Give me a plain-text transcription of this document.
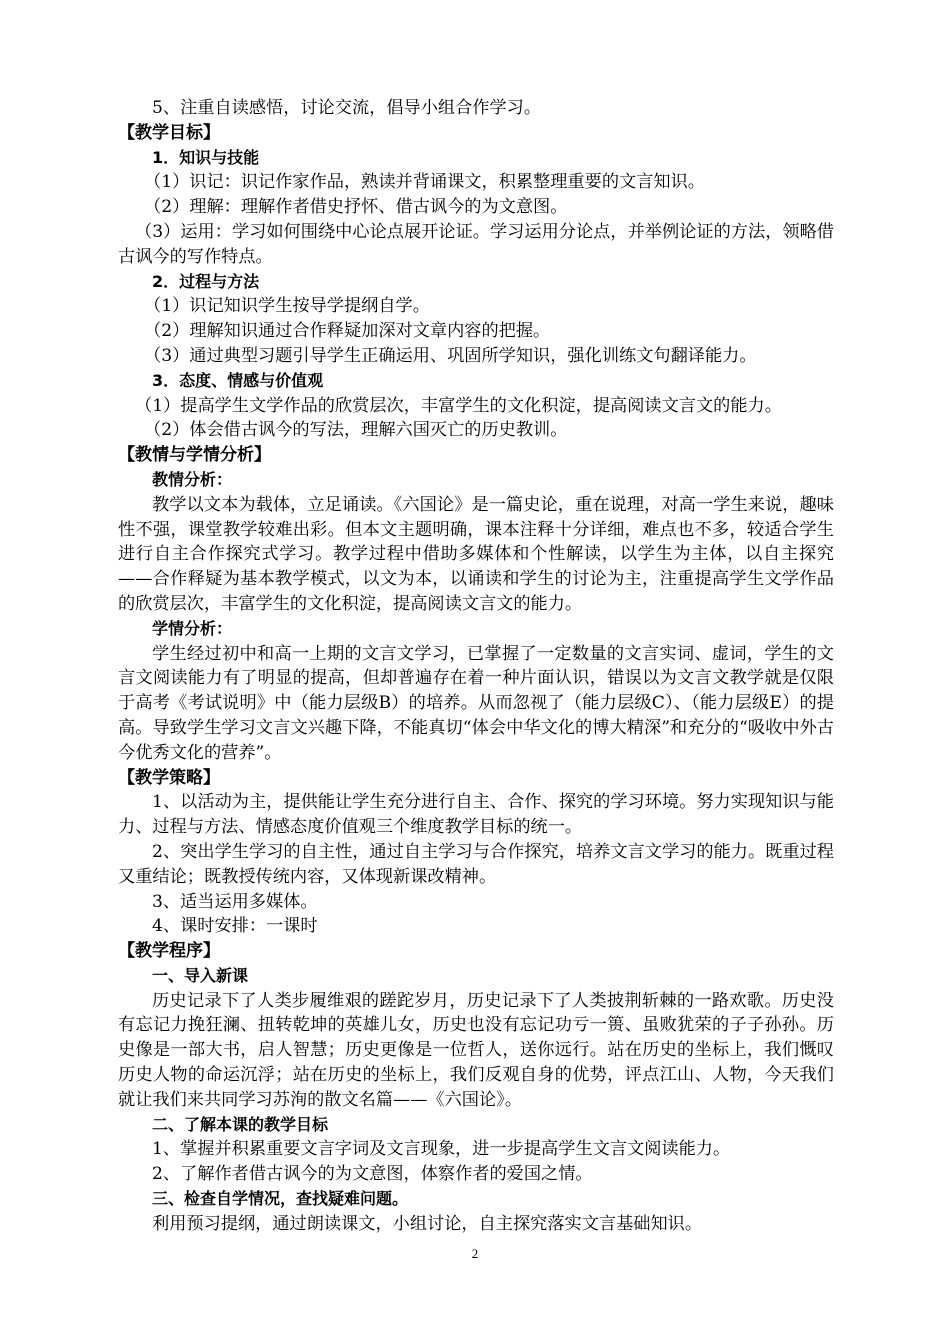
5、注重自读感悟，讨论交流，倡导小组合作学习。

【教学目标】

1．知识与技能

（1）识记：识记作家作品，熟读并背诵课文，积累整理重要的文言知识。

（2）理解：理解作者借史抒怀、借古讽今的为文意图。

（3）运用：学习如何围绕中心论点展开论证。学习运用分论点，并举例论证的方法，领略借古讽今的写作特点。

2．过程与方法

（1）识记知识学生按导学提纲自学。

（2）理解知识通过合作释疑加深对文章内容的把握。

（3）通过典型习题引导学生正确运用、巩固所学知识，强化训练文句翻译能力。

3．态度、情感与价值观

（1）提高学生文学作品的欣赏层次，丰富学生的文化积淀，提高阅读文言文的能力。

（2）体会借古讽今的写法，理解六国灭亡的历史教训。

【教情与学情分析】

教情分析：

教学以文本为载体，立足诵读。《六国论》是一篇史论，重在说理，对高一学生来说，趣味性不强，课堂教学较难出彩。但本文主题明确，课本注释十分详细，难点也不多，较适合学生进行自主合作探究式学习。教学过程中借助多媒体和个性解读，以学生为主体，以自主探究——合作释疑为基本教学模式，以文为本，以诵读和学生的讨论为主，注重提高学生文学作品的欣赏层次，丰富学生的文化积淀，提高阅读文言文的能力。

学情分析：

学生经过初中和高一上期的文言文学习，已掌握了一定数量的文言实词、虚词，学生的文言文阅读能力有了明显的提高，但却普遍存在着一种片面认识，错误以为文言文教学就是仅限于高考《考试说明》中（能力层级B）的培养。从而忽视了（能力层级C）、（能力层级E）的提高。导致学生学习文言文兴趣下降，不能真切“体会中华文化的博大精深”和充分的“吸收中外古今优秀文化的营养”。

【教学策略】

1、以活动为主，提供能让学生充分进行自主、合作、探究的学习环境。努力实现知识与能力、过程与方法、情感态度价值观三个维度教学目标的统一。

2、突出学生学习的自主性，通过自主学习与合作探究，培养文言文学习的能力。既重过程又重结论；既教授传统内容，又体现新课改精神。

3、适当运用多媒体。

4、课时安排：一课时

【教学程序】

一、导入新课

历史记录下了人类步履维艰的蹉跎岁月，历史记录下了人类披荆斩棘的一路欢歌。历史没有忘记力挽狂澜、扭转乾坤的英雄儿女，历史也没有忘记功亏一篑、虽败犹荣的子子孙孙。历史像是一部大书，启人智慧；历史更像是一位哲人，送你远行。站在历史的坐标上，我们慨叹历史人物的命运沉浮；站在历史的坐标上，我们反观自身的优势，评点江山、人物，今天我们就让我们来共同学习苏洵的散文名篇——《六国论》。

二、了解本课的教学目标

1、掌握并积累重要文言字词及文言现象，进一步提高学生文言文阅读能力。

2、了解作者借古讽今的为文意图，体察作者的爱国之情。

三、检查自学情况，查找疑难问题。

利用预习提纲，通过朗读课文，小组讨论，自主探究落实文言基础知识。

2
